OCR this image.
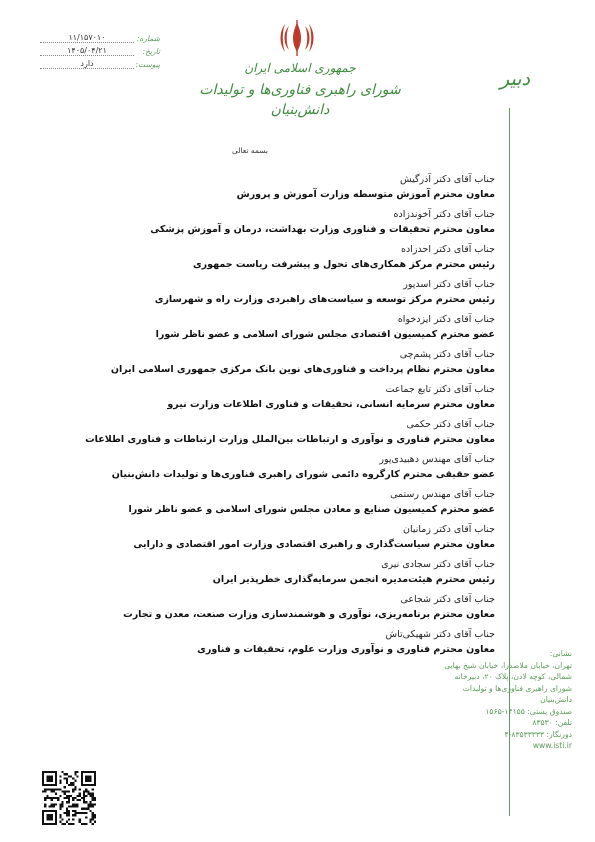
جمهوری اسلامی ایران
شورای راهبری فناوری‌ها و تولیدات دانش‌بنیان
دبیر
شماره:
۱۱/۱۵۷۰۱۰
تاریخ:
۱۴۰۵/۰۴/۲۱
پیوست:
دارد
بسمه تعالی
جناب آقای دکتر آذرگیش
معاون محترم آموزش متوسطه وزارت آموزش و پرورش
جناب آقای دکتر آخوندزاده
معاون محترم تحقیقات و فناوری وزارت بهداشت، درمان و آموزش پزشکی
جناب آقای دکتر احدزاده
رئیس محترم مرکز همکاری‌های تحول و پیشرفت ریاست جمهوری
جناب آقای دکتر اسدپور
رئیس محترم مرکز توسعه و سیاست‌های راهبردی وزارت راه و شهرسازی
جناب آقای دکتر ایزدخواه
عضو محترم کمیسیون اقتصادی مجلس شورای اسلامی و عضو ناظر شورا
جناب آقای دکتر پشم‌چی
معاون محترم نظام پرداخت و فناوری‌های نوین بانک مرکزی جمهوری اسلامی ایران
جناب آقای دکتر تابع جماعت
معاون محترم سرمایه انسانی، تحقیقات و فناوری اطلاعات وزارت نیرو
جناب آقای دکتر حکمی
معاون محترم فناوری و نوآوری و ارتباطات بین‌الملل وزارت ارتباطات و فناوری اطلاعات
جناب آقای مهندس دهبیدی‌پور
عضو حقیقی محترم کارگروه دائمی شورای راهبری فناوری‌ها و تولیدات دانش‌بنیان
جناب آقای مهندس رستمی
عضو محترم کمیسیون صنایع و معادن مجلس شورای اسلامی و عضو ناظر شورا
جناب آقای دکتر زمانیان
معاون محترم سیاست‌گذاری و راهبری اقتصادی وزارت امور اقتصادی و دارایی
جناب آقای دکتر سجادی نیری
رئیس محترم هیئت‌مدیره انجمن سرمایه‌گذاری خطرپذیر ایران
جناب آقای دکتر شجاعی
معاون محترم برنامه‌ریزی، نوآوری و هوشمندسازی وزارت صنعت، معدن و تجارت
جناب آقای دکتر شهیکی‌تاش
معاون محترم فناوری و نوآوری وزارت علوم، تحقیقات و فناوری	نشانی:
تهران، خیابان ملاصدرا، خیابان شیخ بهایی شمالی، کوچه لادن، پلاک ۲۰، دبیرخانه شورای راهبری فناوری‌ها و تولیدات دانش‌بنیان
صندوق پستی: ۱۴۱۵۵-۱۵۶۵
تلفن: ۸۳۵۳۰
دورنگار: ۸۳۵۳۳۳۳۳-۴
www.isti.ir
